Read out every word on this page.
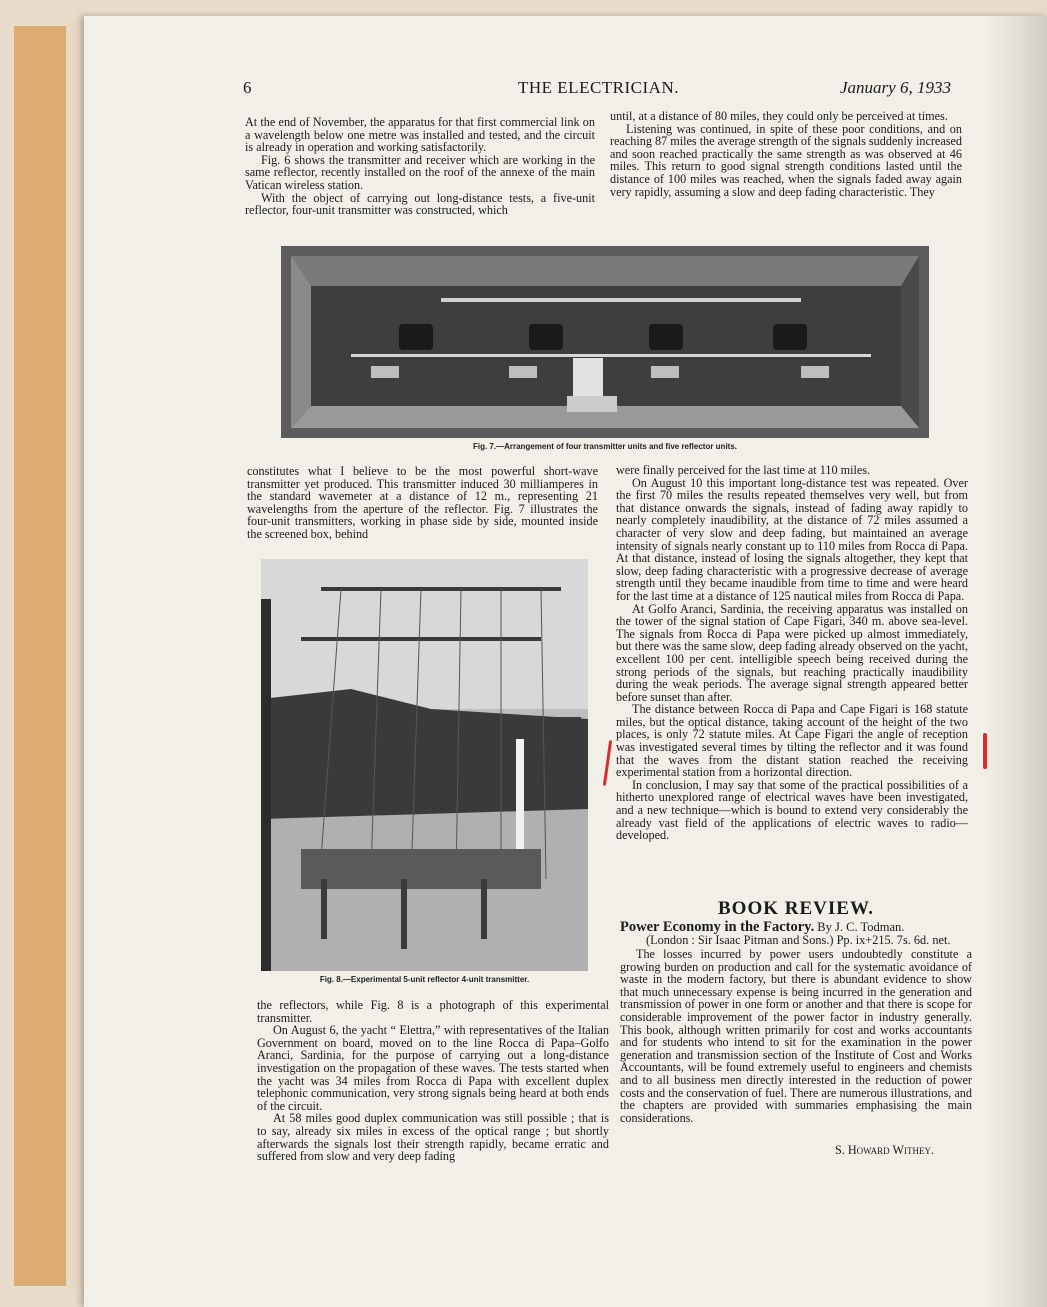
6	THE ELECTRICIAN.	January 6, 1933

At the end of November, the apparatus for that first commercial link on a wavelength below one metre was installed and tested, and the circuit is already in operation and working satisfactorily.

Fig. 6 shows the transmitter and receiver which are working in the same reflector, recently installed on the roof of the annexe of the main Vatican wireless station.

With the object of carrying out long-distance tests, a five-unit reflector, four-unit transmitter was constructed, which

until, at a distance of 80 miles, they could only be perceived at times.

Listening was continued, in spite of these poor conditions, and on reaching 87 miles the average strength of the signals suddenly increased and soon reached practically the same strength as was observed at 46 miles. This return to good signal strength conditions lasted until the distance of 100 miles was reached, when the signals faded away again very rapidly, assuming a slow and deep fading characteristic. They

Fig. 7.—Arrangement of four transmitter units and five reflector units.

constitutes what I believe to be the most powerful short-wave transmitter yet produced. This transmitter induced 30 milliamperes in the standard wavemeter at a distance of 12 m., representing 21 wavelengths from the aperture of the reflector. Fig. 7 illustrates the four-unit transmitters, working in phase side by side, mounted inside the screened box, behind

Fig. 8.—Experimental 5-unit reflector 4-unit transmitter.

the reflectors, while Fig. 8 is a photograph of this experimental transmitter.

On August 6, the yacht “ Elettra,” with representatives of the Italian Government on board, moved on to the line Rocca di Papa–Golfo Aranci, Sardinia, for the purpose of carrying out a long-distance investigation on the propagation of these waves. The tests started when the yacht was 34 miles from Rocca di Papa with excellent duplex telephonic communication, very strong signals being heard at both ends of the circuit.

At 58 miles good duplex communication was still possible ; that is to say, already six miles in excess of the optical range ; but shortly afterwards the signals lost their strength rapidly, became erratic and suffered from slow and very deep fading

were finally perceived for the last time at 110 miles.

On August 10 this important long-distance test was repeated. Over the first 70 miles the results repeated themselves very well, but from that distance onwards the signals, instead of fading away rapidly to nearly completely inaudibility, at the distance of 72 miles assumed a character of very slow and deep fading, but maintained an average intensity of signals nearly constant up to 110 miles from Rocca di Papa. At that distance, instead of losing the signals altogether, they kept that slow, deep fading characteristic with a progressive decrease of average strength until they became inaudible from time to time and were heard for the last time at a distance of 125 nautical miles from Rocca di Papa.

At Golfo Aranci, Sardinia, the receiving apparatus was installed on the tower of the signal station of Cape Figari, 340 m. above sea-level. The signals from Rocca di Papa were picked up almost immediately, but there was the same slow, deep fading already observed on the yacht, excellent 100 per cent. intelligible speech being received during the strong periods of the signals, but reaching practically inaudibility during the weak periods. The average signal strength appeared better before sunset than after.

The distance between Rocca di Papa and Cape Figari is 168 statute miles, but the optical distance, taking account of the height of the two places, is only 72 statute miles. At Cape Figari the angle of reception was investigated several times by tilting the reflector and it was found that the waves from the distant station reached the receiving experimental station from a horizontal direction.

In conclusion, I may say that some of the practical possibilities of a hitherto unexplored range of electrical waves have been investigated, and a new technique—which is bound to extend very considerably the already vast field of the applications of electric waves to radio—developed.

BOOK REVIEW.
Power Economy in the Factory. By J. C. Todman.
(London : Sir Isaac Pitman and Sons.) Pp. ix+215. 7s. 6d. net.

The losses incurred by power users undoubtedly constitute a growing burden on production and call for the systematic avoidance of waste in the modern factory, but there is abundant evidence to show that much unnecessary expense is being incurred in the generation and transmission of power in one form or another and that there is scope for considerable improvement of the power factor in industry generally. This book, although written primarily for cost and works accountants and for students who intend to sit for the examination in the power generation and transmission section of the Institute of Cost and Works Accountants, will be found extremely useful to engineers and chemists and to all business men directly interested in the reduction of power costs and the conservation of fuel. There are numerous illustrations, and the chapters are provided with summaries emphasising the main considerations.

S. Howard Withey.
